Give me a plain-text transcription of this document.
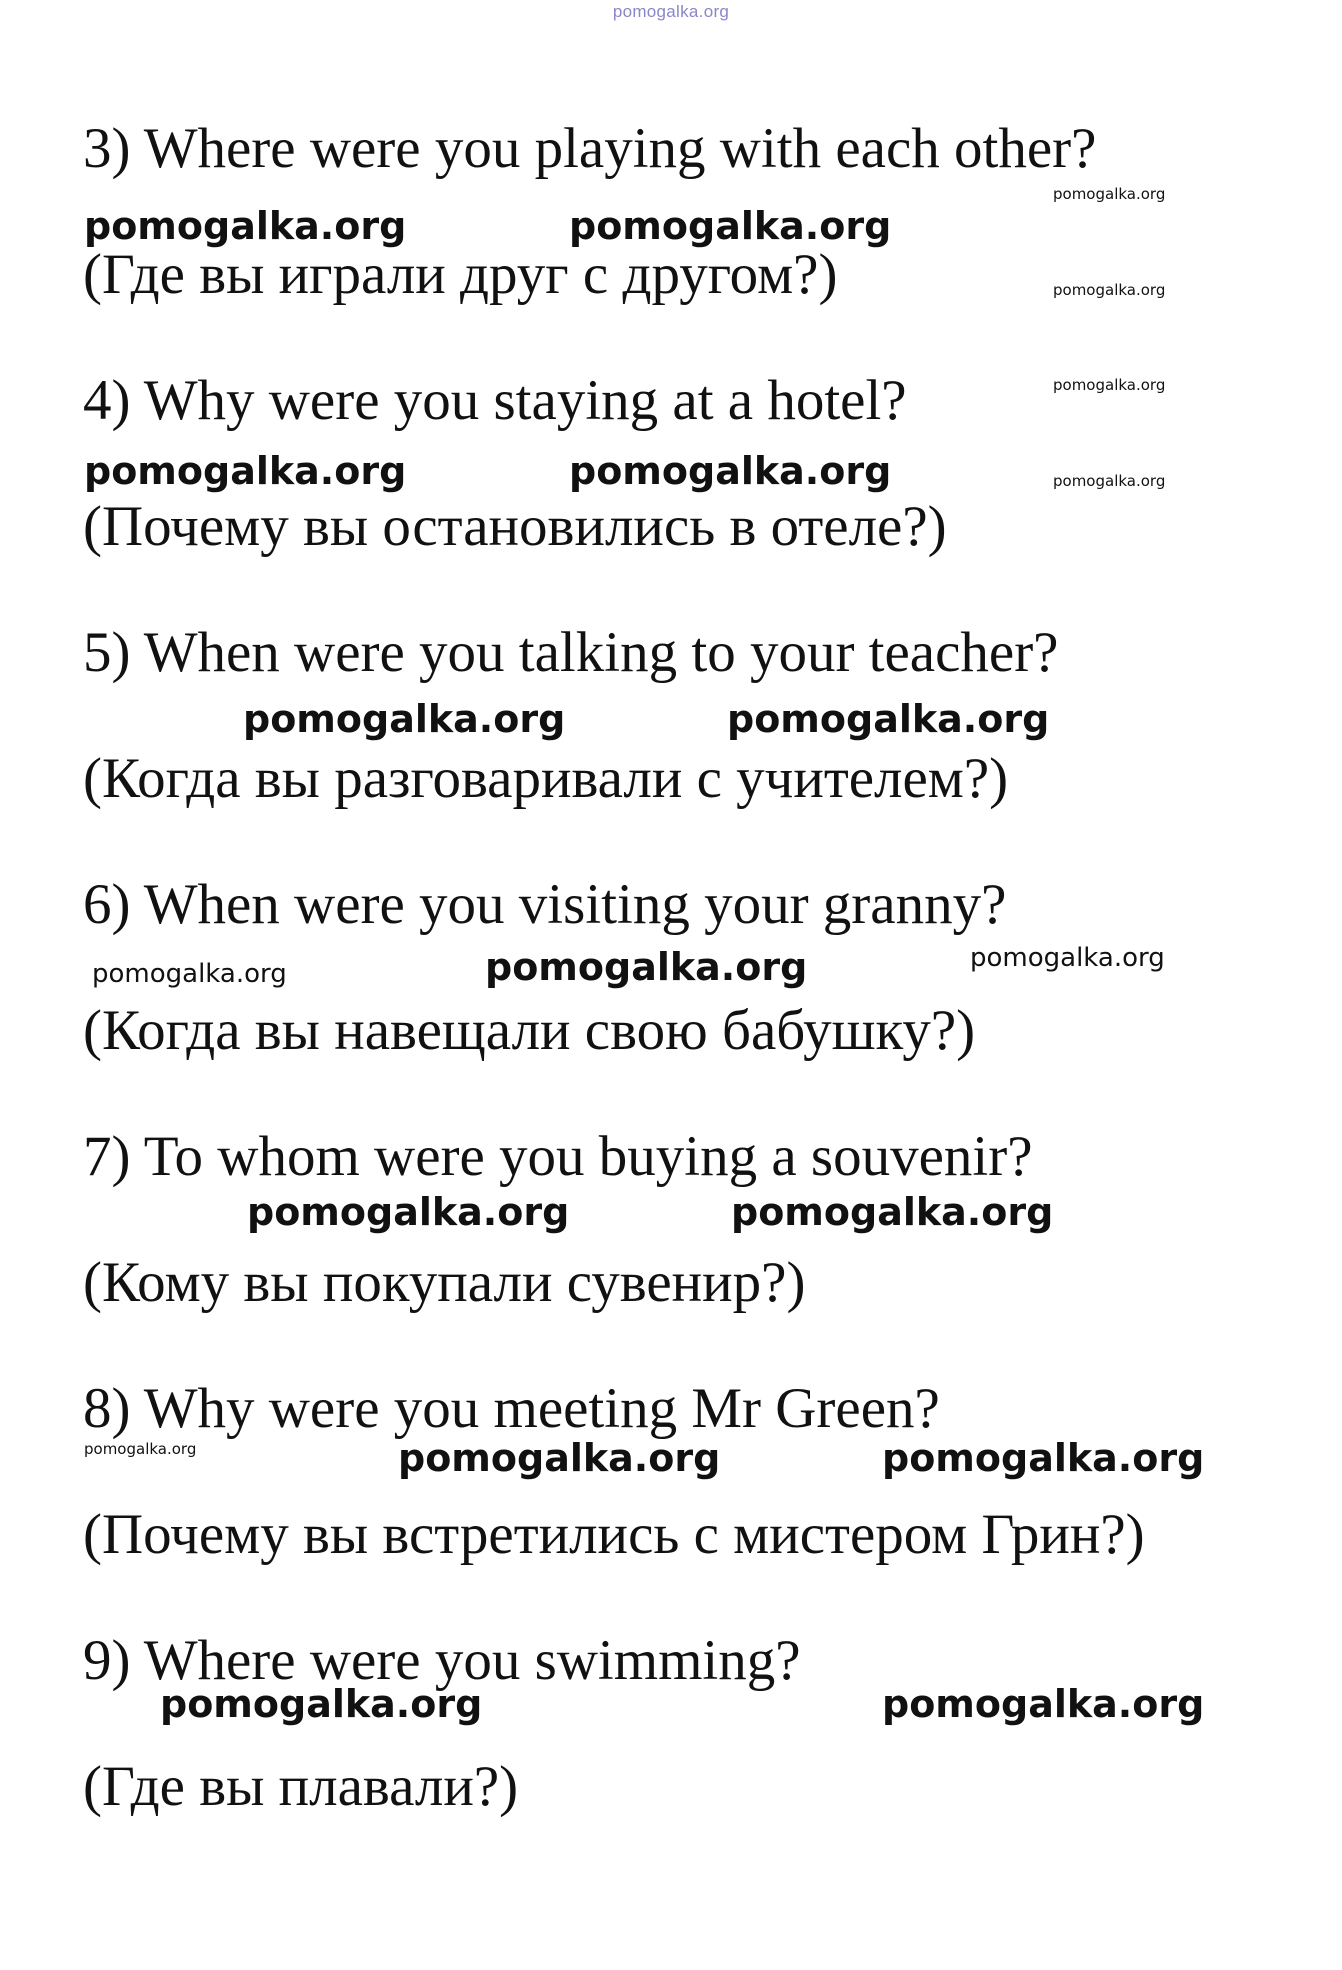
pomogalka.org

3) Where were you playing with each other?

pomogalka.org
pomogalka.org	pomogalka.org

(Где вы играли друг с другом?)	pomogalka.org
pomogalka.org

4) Why were you staying at a hotel?

pomogalka.org	pomogalka.org	pomogalka.org

(Почему вы остановились в отеле?)

5) When were you talking to your teacher?

pomogalka.org	pomogalka.org

(Когда вы разговаривали с учителем?)

6) When were you visiting your granny?

pomogalka.org	pomogalka.org	pomogalka.org

(Когда вы навещали свою бабушку?)

7) To whom were you buying a souvenir?

pomogalka.org	pomogalka.org

(Кому вы покупали сувенир?)

8) Why were you meeting Mr Green?

pomogalka.org	pomogalka.org	pomogalka.org

(Почему вы встретились с мистером Грин?)

9) Where were you swimming?

pomogalka.org	pomogalka.org

(Где вы плавали?)
